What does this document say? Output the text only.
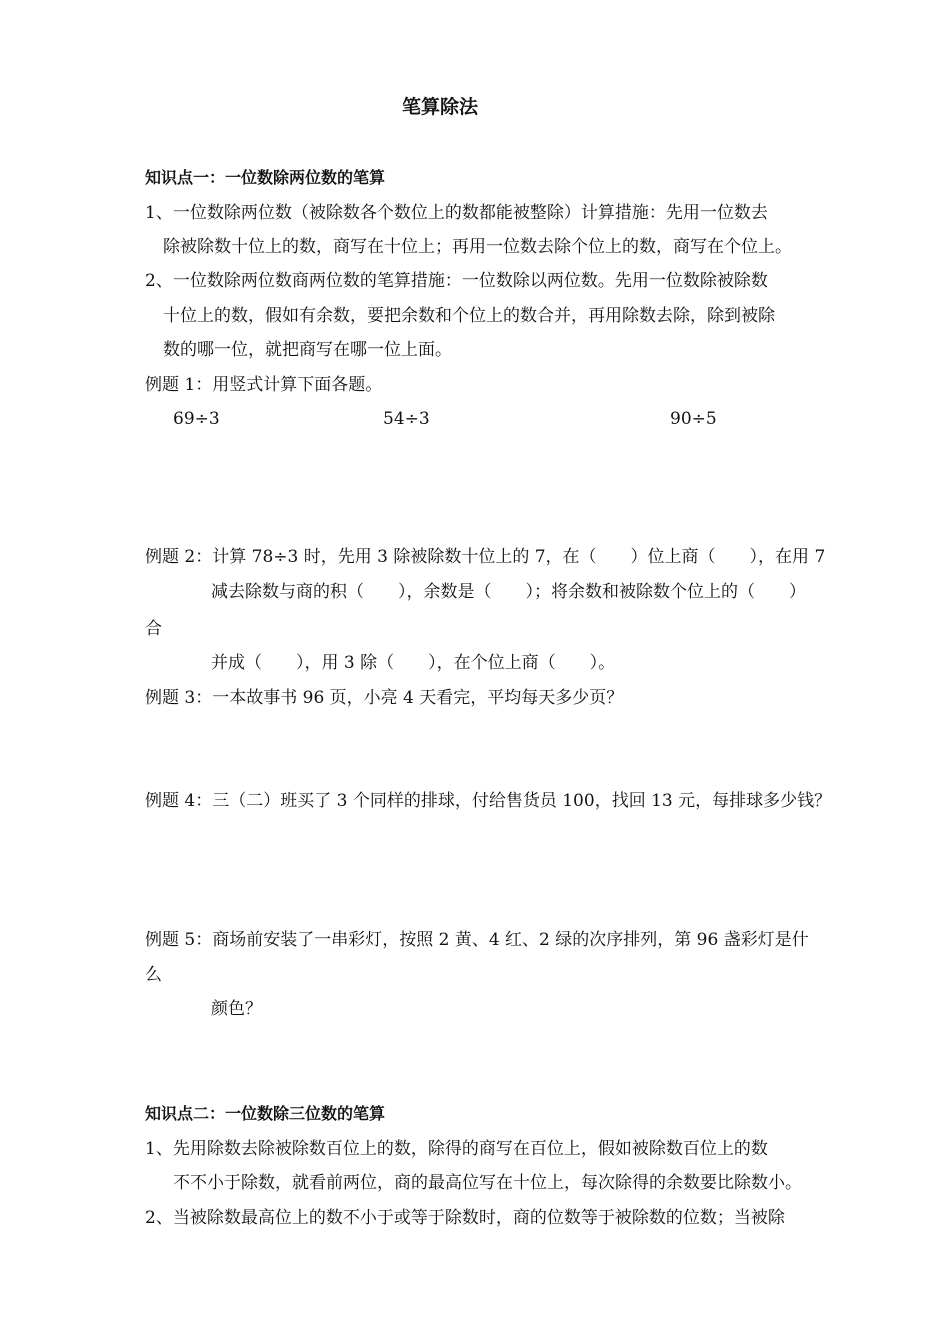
笔算除法
知识点一：一位数除两位数的笔算
1、一位数除两位数（被除数各个数位上的数都能被整除）计算措施：先用一位数去
除被除数十位上的数，商写在十位上；再用一位数去除个位上的数，商写在个位上。
2、一位数除两位数商两位数的笔算措施：一位数除以两位数。先用一位数除被除数
十位上的数，假如有余数，要把余数和个位上的数合并，再用除数去除，除到被除
数的哪一位，就把商写在哪一位上面。
例题 1：用竖式计算下面各题。
69÷3	54÷3	90÷5
例题 2：计算 78÷3 时，先用 3 除被除数十位上的 7，在（　　）位上商（　　），在用 7
减去除数与商的积（　　），余数是（　　）；将余数和被除数个位上的（　　）
合
并成（　　），用 3 除（　　），在个位上商（　　）。
例题 3：一本故事书 96 页，小亮 4 天看完，平均每天多少页？
例题 4：三（二）班买了 3 个同样的排球，付给售货员 100，找回 13 元，每排球多少钱？
例题 5：商场前安装了一串彩灯，按照 2 黄、4 红、2 绿的次序排列，第 96 盏彩灯是什
么
颜色？
知识点二：一位数除三位数的笔算
1、先用除数去除被除数百位上的数，除得的商写在百位上，假如被除数百位上的数
不不小于除数，就看前两位，商的最高位写在十位上，每次除得的余数要比除数小。
2、当被除数最高位上的数不小于或等于除数时，商的位数等于被除数的位数；当被除
